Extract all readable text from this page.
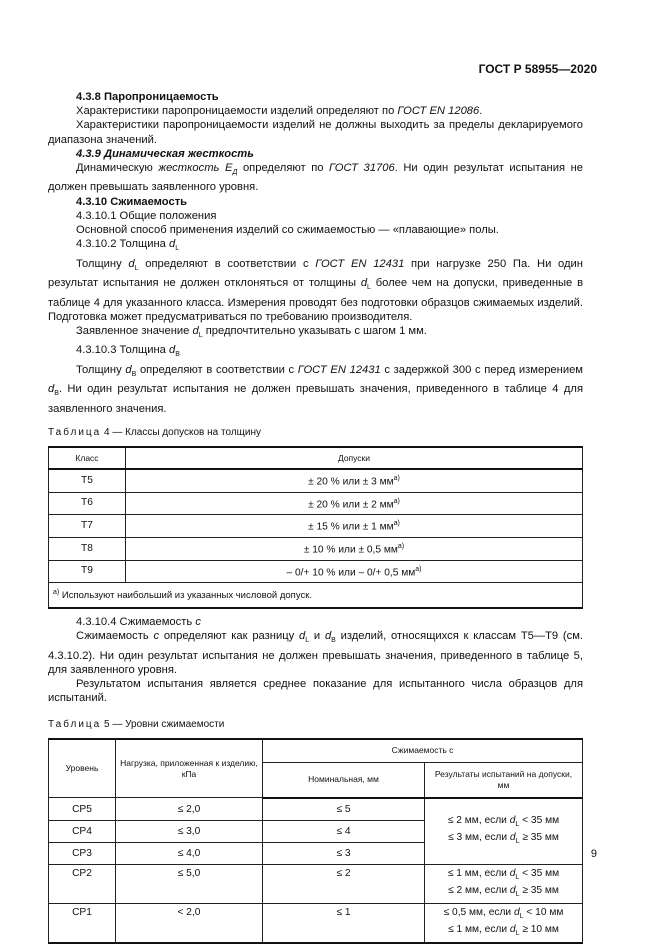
ГОСТ Р 58955—2020

4.3.8 Паропроницаемость

Характеристики паропроницаемости изделий определяют по ГОСТ EN 12086.

Характеристики паропроницаемости изделий не должны выходить за пределы декларируемого диапазона значений.

4.3.9 Динамическая жесткость

Динамическую жесткость $E_Д$ определяют по ГОСТ 31706. Ни один результат испытания не должен превышать заявленного уровня.

4.3.10 Сжимаемость

4.3.10.1 Общие положения

Основной способ применения изделий со сжимаемостью — «плавающие» полы.

4.3.10.2 Толщина $d_L$

Толщину $d_L$ определяют в соответствии с ГОСТ EN 12431 при нагрузке 250 Па. Ни один результат испытания не должен отклоняться от толщины $d_L$ более чем на допуски, приведенные в таблице 4 для указанного класса. Измерения проводят без подготовки образцов сжимаемых изделий. Подготовка может предусматриваться по требованию производителя.

Заявленное значение $d_L$ предпочтительно указывать с шагом 1 мм.

4.3.10.3 Толщина $d_B$

Толщину $d_B$ определяют в соответствии с ГОСТ EN 12431 с задержкой 300 с перед измерением $d_B$. Ни один результат испытания не должен превышать значения, приведенного в таблице 4 для заявленного значения.

Таблица 4 — Классы допусков на толщину

Класс	Допуски
T5	± 20 % или ± 3 $мм^{а)}$
T6	± 20 % или ± 2 $мм^{а)}$
T7	± 15 % или ± 1 $мм^{а)}$
T8	± 10 % или ± 0,5 $мм^{а)}$
T9	– 0/+ 10 % или – 0/+ 0,5 $мм^{а)}$
$^{а)}$ Используют наибольший из указанных числовой допуск.	

4.3.10.4 Сжимаемость c

Сжимаемость c определяют как разницу $d_L$ и $d_B$ изделий, относящихся к классам Т5—Т9 (см. 4.3.10.2). Ни один результат испытания не должен превышать значения, приведенного в таблице 5, для заявленного уровня.

Результатом испытания является среднее показание для испытанного числа образцов для испытаний.

Таблица 5 — Уровни сжимаемости

Уровень	Нагрузка, приложенная к изделию, кПа	Сжимаемость c	
		Номинальная, мм	Результаты испытаний на допуски, мм
CP5	≤ 2,0	≤ 5	≤ 2 мм, если $d_L < 35$ мм
≤ 3 мм, если $d_L \ge 35$ мм
CP4	≤ 3,0	≤ 4	
CP3	≤ 4,0	≤ 3	
CP2	≤ 5,0	≤ 2	≤ 1 мм, если $d_L < 35$ мм
≤ 2 мм, если $d_L \ge 35$ мм
CP1	< 2,0	≤ 1	≤ 0,5 мм, если $d_L < 10$ мм
≤ 1 мм, если $d_L \ge 10$ мм
9
